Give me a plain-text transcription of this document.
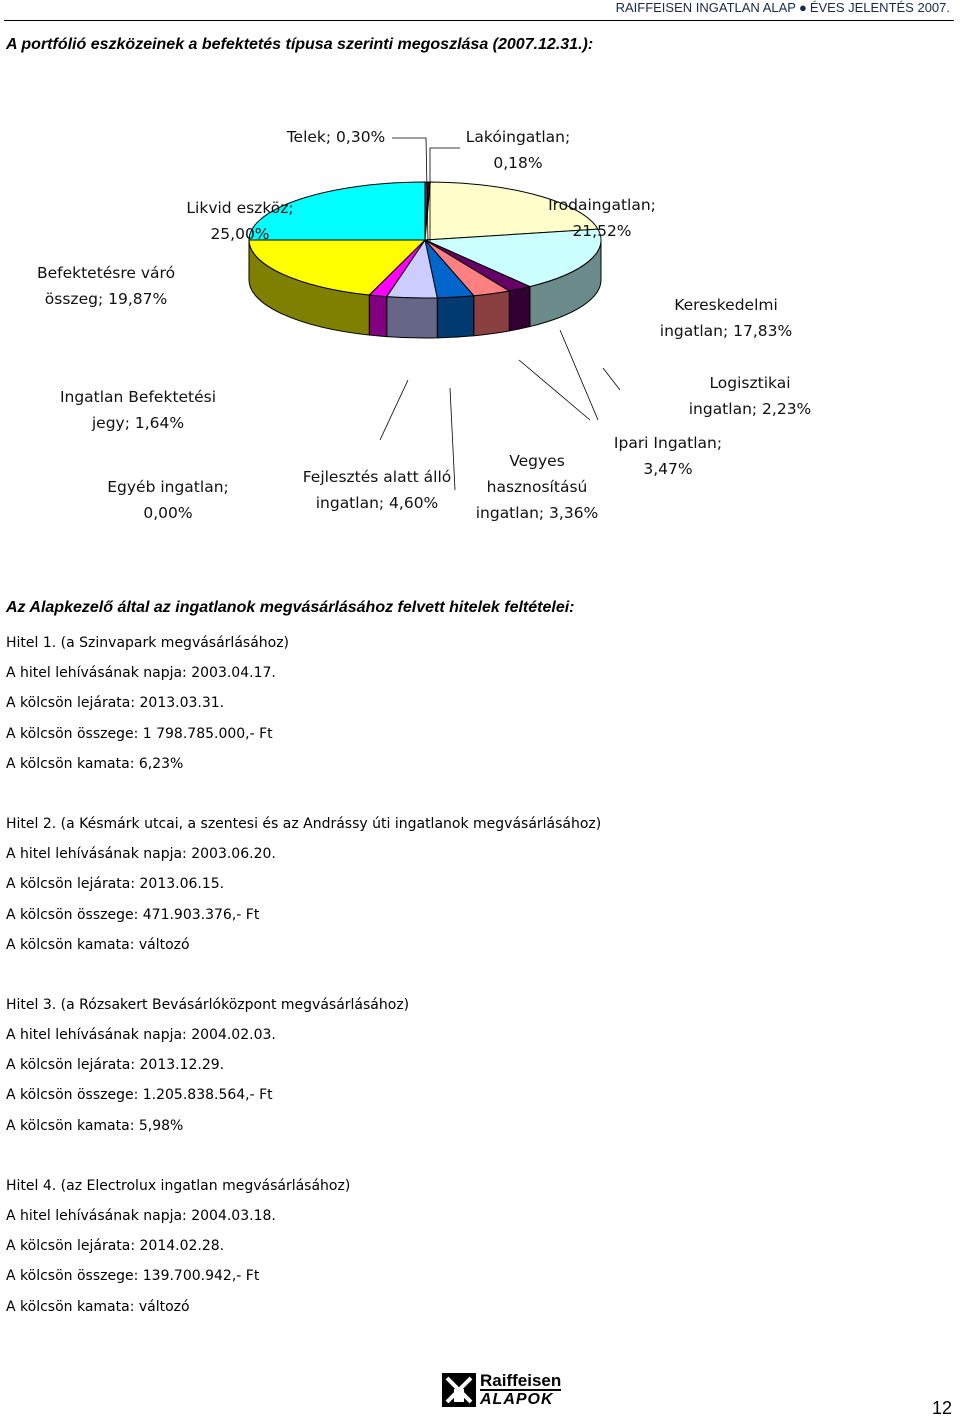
RAIFFEISEN INGATLAN ALAP ● ÉVES JELENTÉS 2007.
A portfólió eszközeinek a befektetés típusa szerinti megoszlása (2007.12.31.):
Telek; 0,30%	Lakóingatlan; 0,18%
Irodaingatlan; 21,52%
Likvid eszköz; 25,00%
Befektetésre váró összeg; 19,87%	Kereskedelmi ingatlan; 17,83%
Ingatlan Befektetési jegy; 1,64%
Logisztikai ingatlan; 2,23%
Ipari Ingatlan; 3,47%
Vegyes hasznosítású ingatlan; 3,36%
Fejlesztés alatt álló ingatlan; 4,60%
Egyéb ingatlan; 0,00%
Az Alapkezelő által az ingatlanok megvásárlásához felvett hitelek feltételei:
Hitel 1. (a Szinvapark megvásárlásához)
A hitel lehívásának napja: 2003.04.17.
A kölcsön lejárata: 2013.03.31.
A kölcsön összege: 1 798.785.000,- Ft
A kölcsön kamata: 6,23%
Hitel 2. (a Késmárk utcai, a szentesi és az Andrássy úti ingatlanok megvásárlásához)
A hitel lehívásának napja: 2003.06.20.
A kölcsön lejárata: 2013.06.15.
A kölcsön összege: 471.903.376,- Ft
A kölcsön kamata: változó
Hitel 3. (a Rózsakert Bevásárlóközpont megvásárlásához)
A hitel lehívásának napja: 2004.02.03.
A kölcsön lejárata: 2013.12.29.
A kölcsön összege: 1.205.838.564,- Ft
A kölcsön kamata: 5,98%
Hitel 4. (az Electrolux ingatlan megvásárlásához)
A hitel lehívásának napja: 2004.03.18.
A kölcsön lejárata: 2014.02.28.
A kölcsön összege: 139.700.942,- Ft
A kölcsön kamata: változó
Raiffeisen
ALAPOK	12
